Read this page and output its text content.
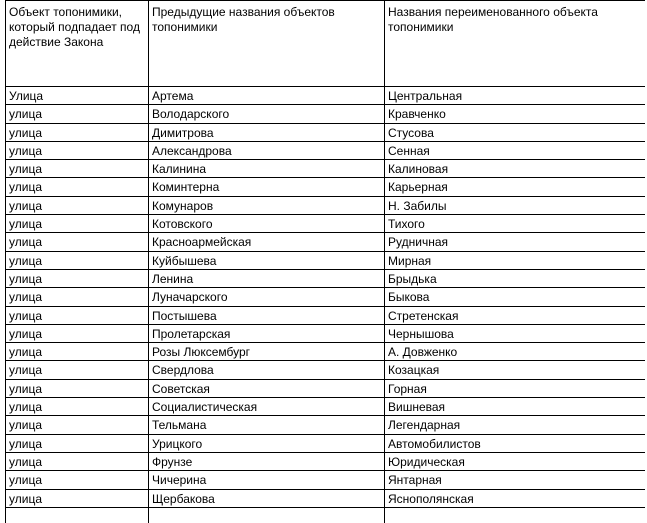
Объект топонимики, который подпадает под действие Закона	Предыдущие названия объектов топонимики	Названия переименованного объекта топонимики
Улица	Артема	Центральная
улица	Володарского	Кравченко
улица	Димитрова	Стусова
улица	Александрова	Сенная
улица	Калинина	Калиновая
улица	Коминтерна	Карьерная
улица	Комунаров	Н. Забилы
улица	Котовского	Тихого
улица	Красноармейская	Рудничная
улица	Куйбышева	Мирная
улица	Ленина	Брыдька
улица	Луначарского	Быкова
улица	Постышева	Стретенская
улица	Пролетарская	Чернышова
улица	Розы Люксембург	А. Довженко
улица	Свердлова	Козацкая
улица	Советская	Горная
улица	Социалистическая	Вишневая
улица	Тельмана	Легендарная
улица	Урицкого	Автомобилистов
улица	Фрунзе	Юридическая
улица	Чичерина	Янтарная
улица	Щербакова	Яснополянская
